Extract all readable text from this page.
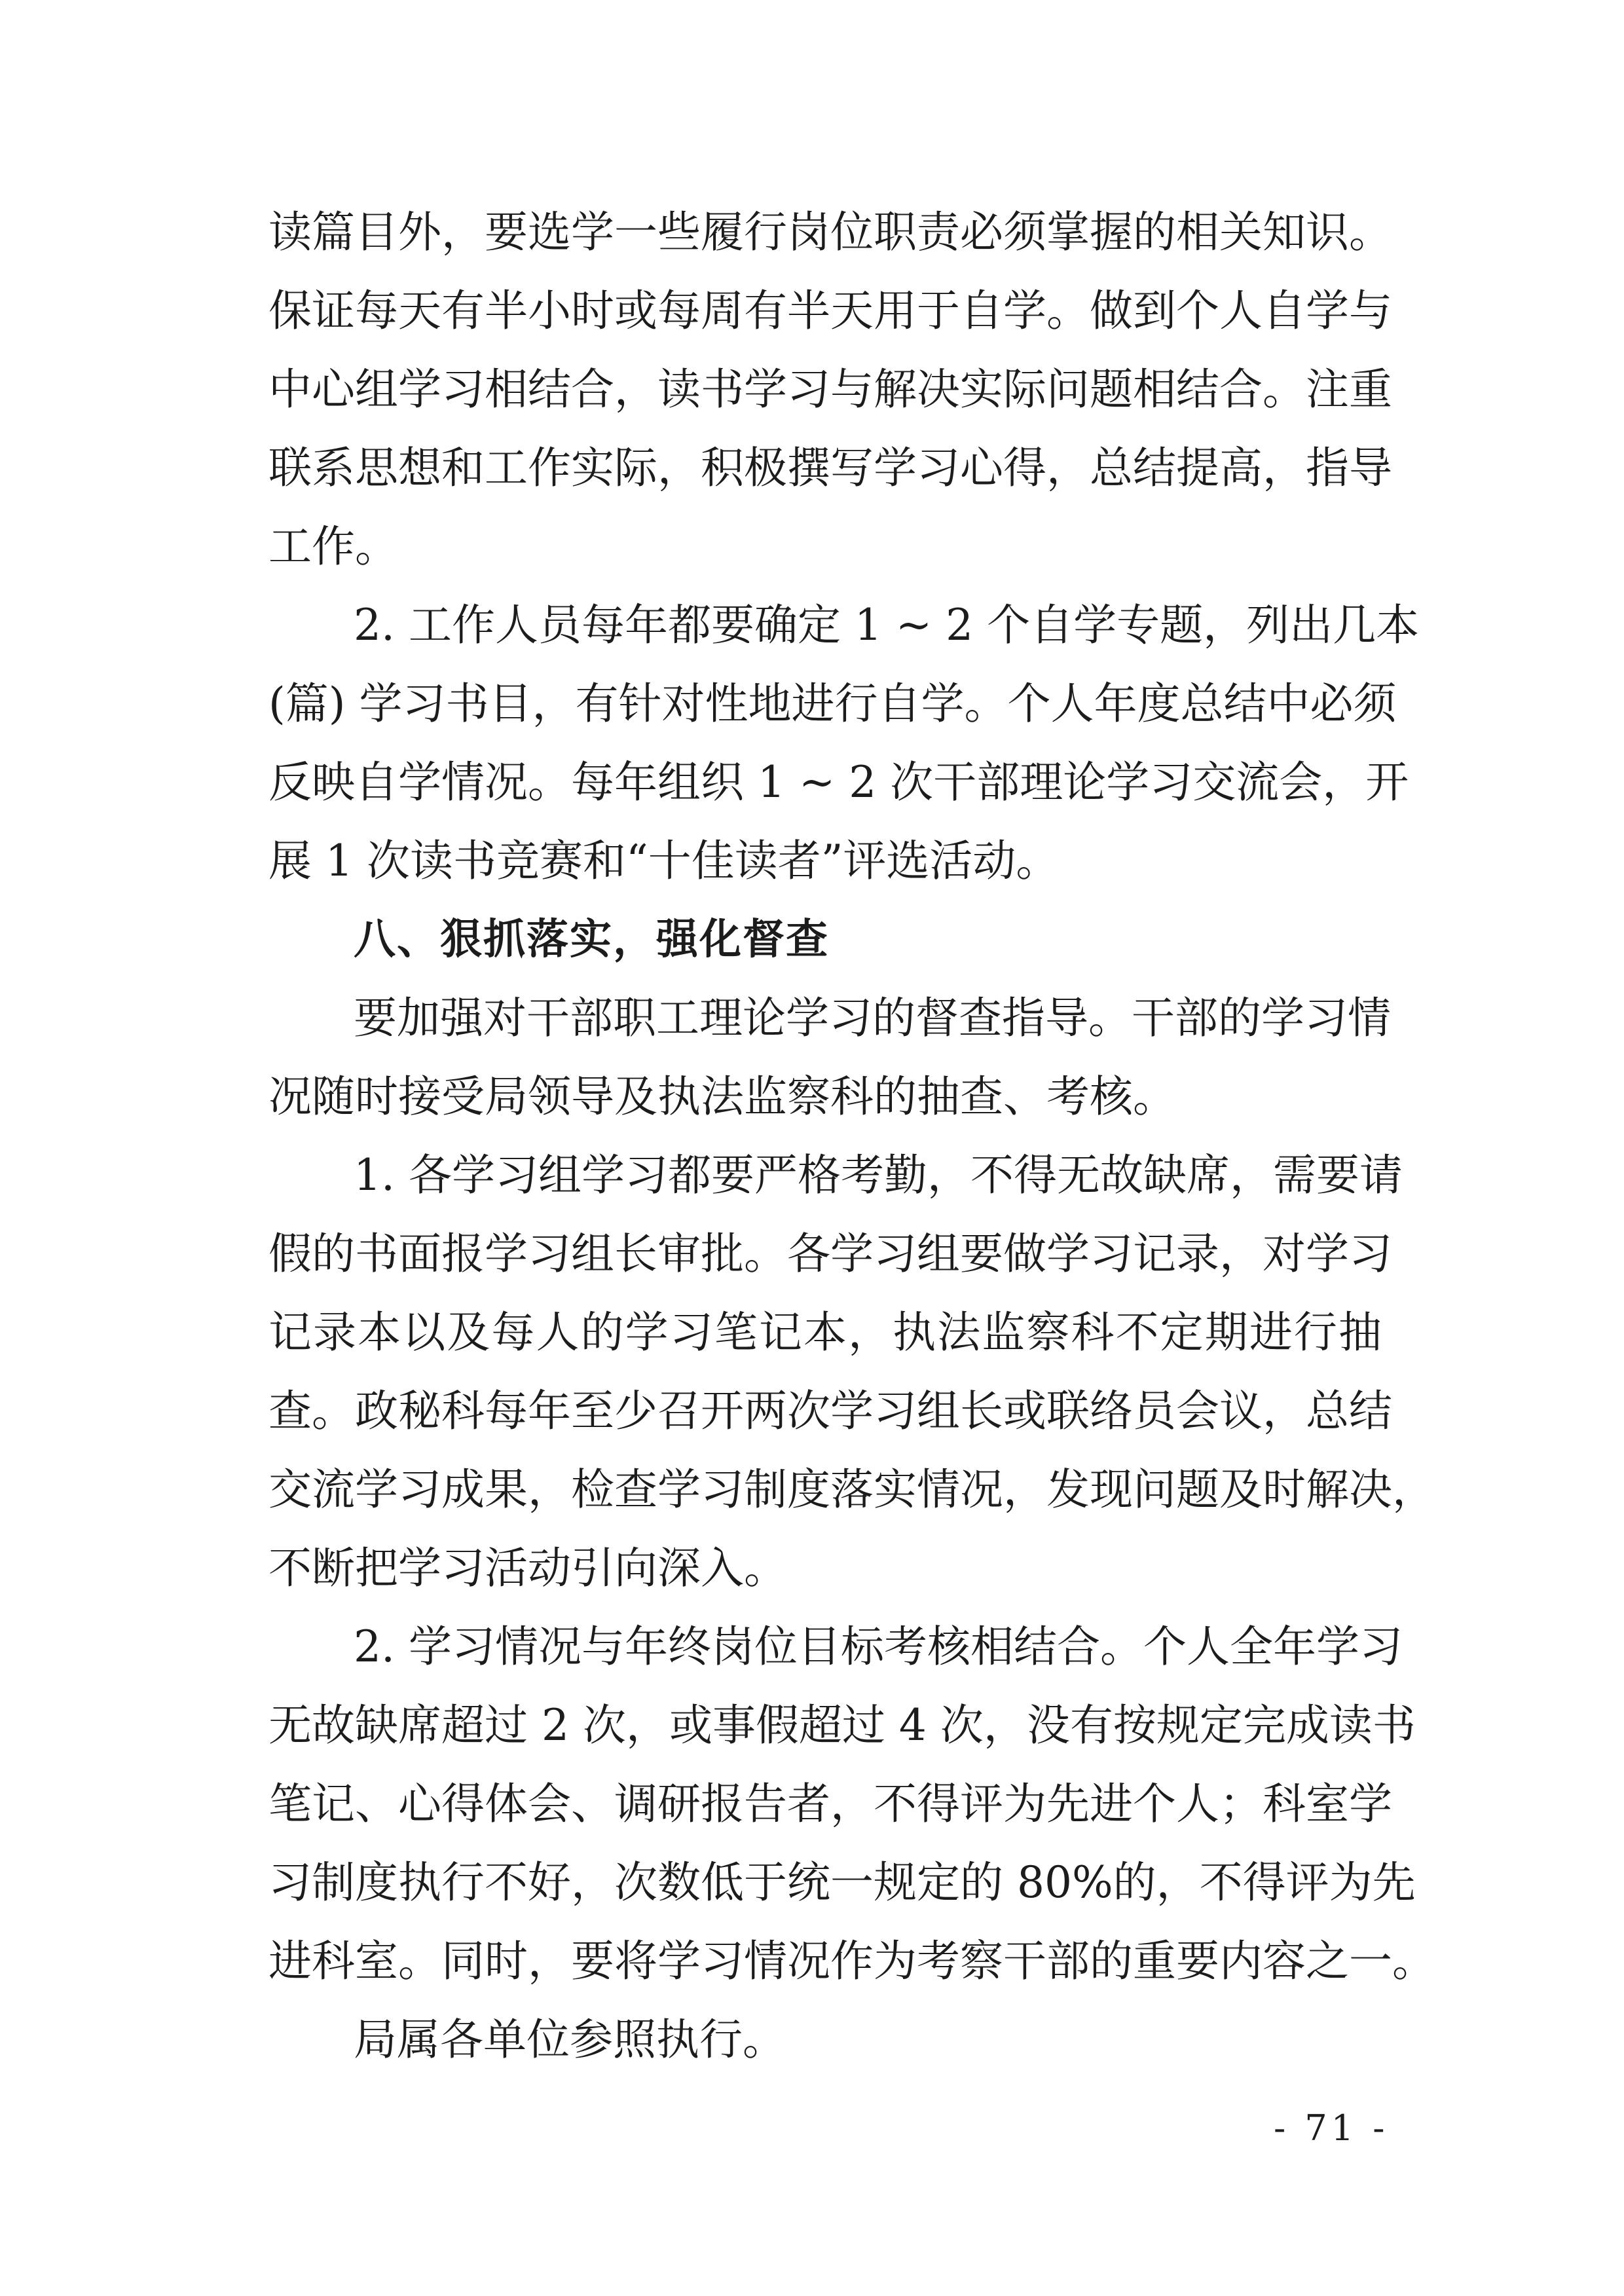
读篇目外，要选学一些履行岗位职责必须掌握的相关知识。
保证每天有半小时或每周有半天用于自学。做到个人自学与
中心组学习相结合，读书学习与解决实际问题相结合。注重
联系思想和工作实际，积极撰写学习心得，总结提高，指导
工作。
2. 工作人员每年都要确定 1 ~ 2 个自学专题，列出几本
(篇) 学习书目，有针对性地进行自学。个人年度总结中必须
反映自学情况。每年组织 1 ~ 2 次干部理论学习交流会，开
展 1 次读书竞赛和“十佳读者”评选活动。
八、狠抓落实，强化督查
要加强对干部职工理论学习的督查指导。干部的学习情
况随时接受局领导及执法监察科的抽查、考核。
1. 各学习组学习都要严格考勤，不得无故缺席，需要请
假的书面报学习组长审批。各学习组要做学习记录，对学习
记录本以及每人的学习笔记本，执法监察科不定期进行抽
查。政秘科每年至少召开两次学习组长或联络员会议，总结
交流学习成果，检查学习制度落实情况，发现问题及时解决，
不断把学习活动引向深入。
2. 学习情况与年终岗位目标考核相结合。个人全年学习
无故缺席超过 2 次，或事假超过 4 次，没有按规定完成读书
笔记、心得体会、调研报告者，不得评为先进个人；科室学
习制度执行不好，次数低于统一规定的 80%的，不得评为先
进科室。同时，要将学习情况作为考察干部的重要内容之一。
局属各单位参照执行。
- 71 -
